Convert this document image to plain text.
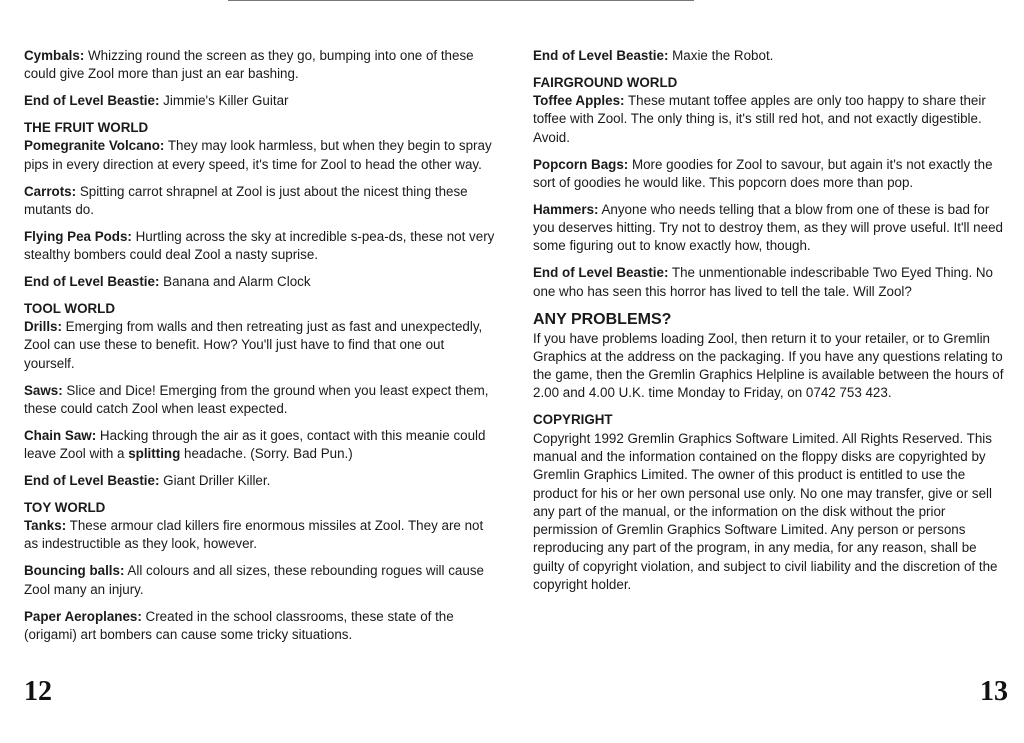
Cymbals: Whizzing round the screen as they go, bumping into one of these could give Zool more than just an ear bashing.

End of Level Beastie: Jimmie's Killer Guitar

THE FRUIT WORLD
Pomegranite Volcano: They may look harmless, but when they begin to spray pips in every direction at every speed, it's time for Zool to head the other way.

Carrots: Spitting carrot shrapnel at Zool is just about the nicest thing these mutants do.

Flying Pea Pods: Hurtling across the sky at incredible s-pea-ds, these not very stealthy bombers could deal Zool a nasty suprise.

End of Level Beastie: Banana and Alarm Clock

TOOL WORLD
Drills: Emerging from walls and then retreating just as fast and unexpectedly, Zool can use these to benefit. How? You'll just have to find that one out yourself.

Saws: Slice and Dice! Emerging from the ground when you least expect them, these could catch Zool when least expected.

Chain Saw: Hacking through the air as it goes, contact with this meanie could leave Zool with a splitting headache. (Sorry. Bad Pun.)

End of Level Beastie: Giant Driller Killer.

TOY WORLD
Tanks: These armour clad killers fire enormous missiles at Zool. They are not as indestructible as they look, however.

Bouncing balls: All colours and all sizes, these rebounding rogues will cause Zool many an injury.

Paper Aeroplanes: Created in the school classrooms, these state of the (origami) art bombers can cause some tricky situations.

End of Level Beastie: Maxie the Robot.

FAIRGROUND WORLD
Toffee Apples: These mutant toffee apples are only too happy to share their toffee with Zool. The only thing is, it's still red hot, and not exactly digestible. Avoid.

Popcorn Bags: More goodies for Zool to savour, but again it's not exactly the sort of goodies he would like. This popcorn does more than pop.

Hammers: Anyone who needs telling that a blow from one of these is bad for you deserves hitting. Try not to destroy them, as they will prove useful. It'll need some figuring out to know exactly how, though.

End of Level Beastie: The unmentionable indescribable Two Eyed Thing. No one who has seen this horror has lived to tell the tale. Will Zool?

ANY PROBLEMS?
If you have problems loading Zool, then return it to your retailer, or to Gremlin Graphics at the address on the packaging. If you have any questions relating to the game, then the Gremlin Graphics Helpline is available between the hours of 2.00 and 4.00 U.K. time Monday to Friday, on 0742 753 423.

COPYRIGHT
Copyright 1992 Gremlin Graphics Software Limited. All Rights Reserved. This manual and the information contained on the floppy disks are copyrighted by Gremlin Graphics Limited. The owner of this product is entitled to use the product for his or her own personal use only. No one may transfer, give or sell any part of the manual, or the information on the disk without the prior permission of Gremlin Graphics Software Limited. Any person or persons reproducing any part of the program, in any media, for any reason, shall be guilty of copyright violation, and subject to civil liability and the discretion of the copyright holder.

12	13
